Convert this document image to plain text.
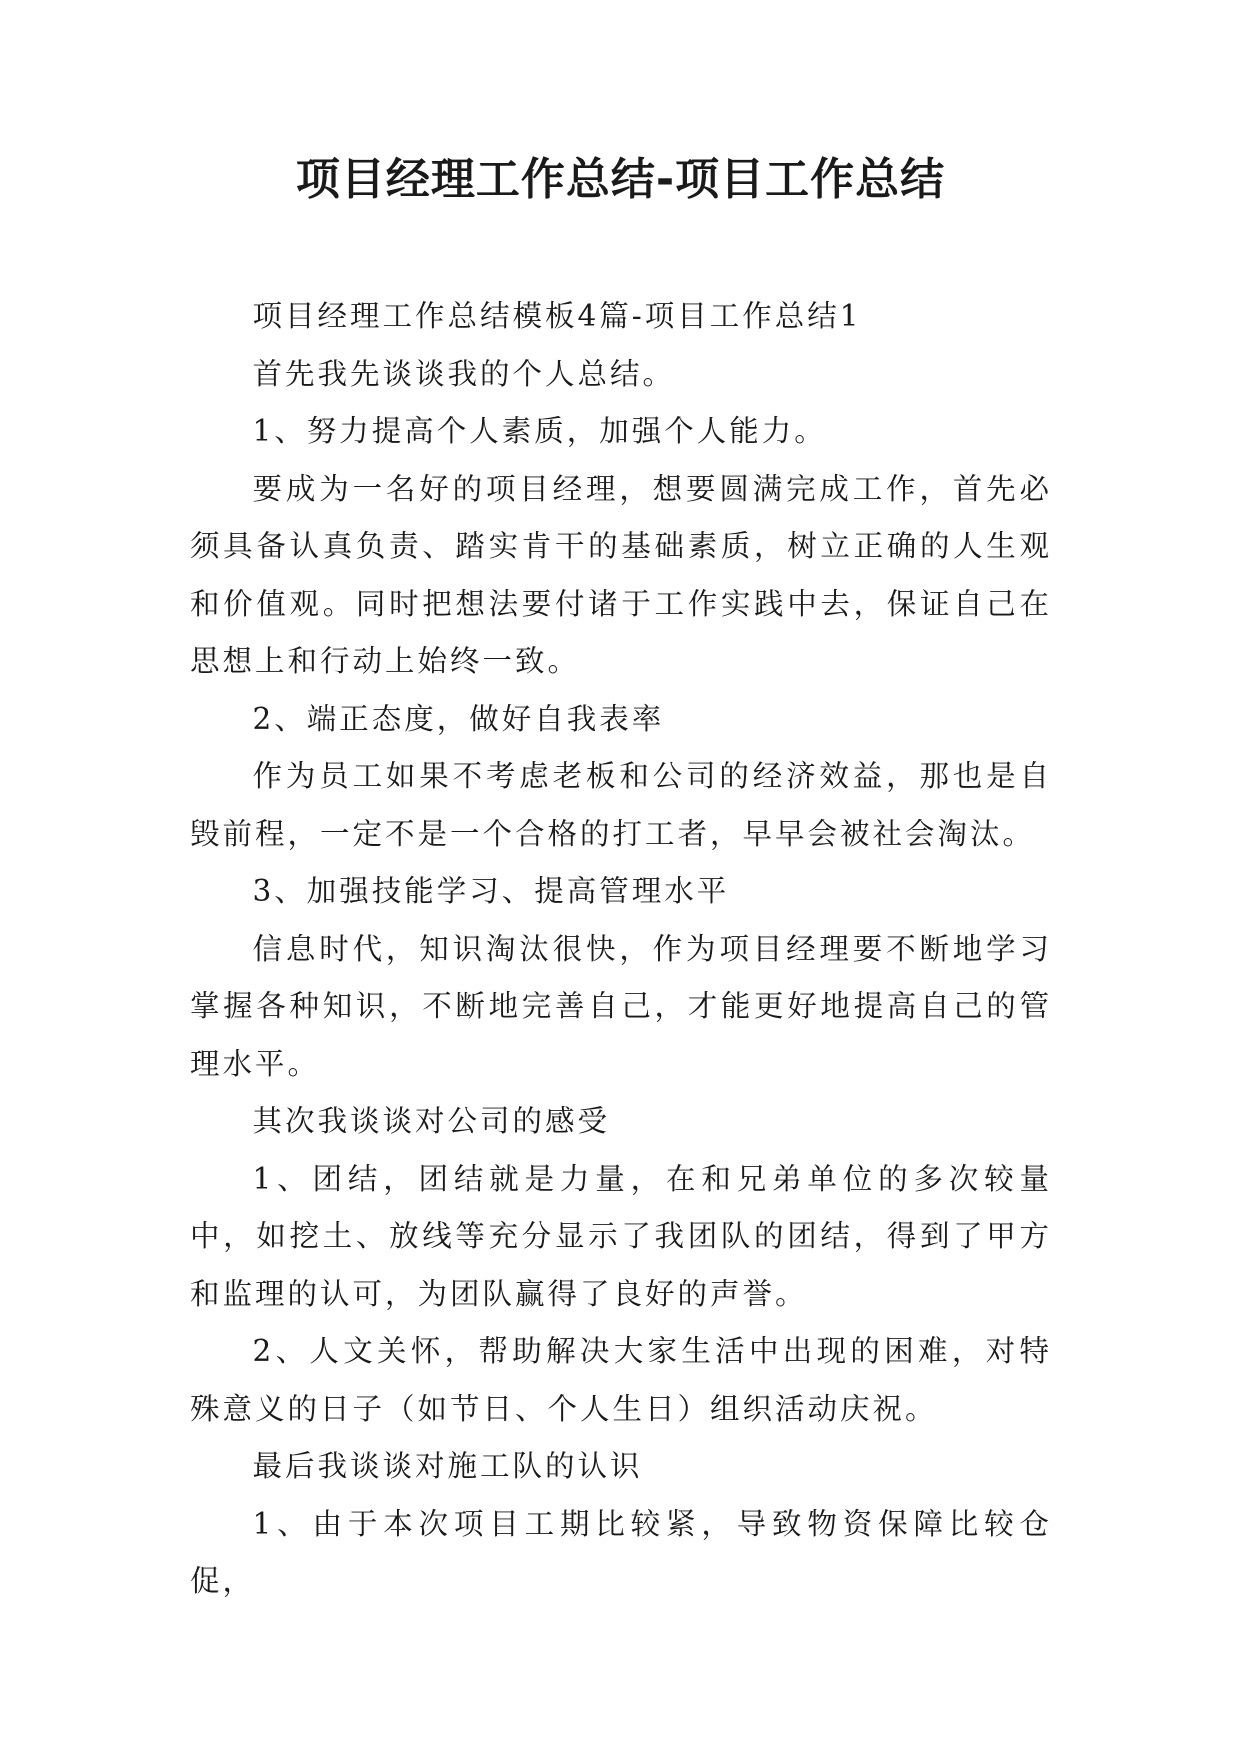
项目经理工作总结-项目工作总结

项目经理工作总结模板4篇-项目工作总结1

首先我先谈谈我的个人总结。

1、努力提高个人素质，加强个人能力。

要成为一名好的项目经理，想要圆满完成工作，首先必须具备认真负责、踏实肯干的基础素质，树立正确的人生观和价值观。同时把想法要付诸于工作实践中去，保证自己在思想上和行动上始终一致。

2、端正态度，做好自我表率

作为员工如果不考虑老板和公司的经济效益，那也是自毁前程，一定不是一个合格的打工者，早早会被社会淘汰。

3、加强技能学习、提高管理水平

信息时代，知识淘汰很快，作为项目经理要不断地学习掌握各种知识，不断地完善自己，才能更好地提高自己的管理水平。

其次我谈谈对公司的感受

1、团结，团结就是力量，在和兄弟单位的多次较量中，如挖土、放线等充分显示了我团队的团结，得到了甲方和监理的认可，为团队赢得了良好的声誉。

2、人文关怀，帮助解决大家生活中出现的困难，对特殊意义的日子（如节日、个人生日）组织活动庆祝。

最后我谈谈对施工队的认识

1、由于本次项目工期比较紧，导致物资保障比较仓促，
